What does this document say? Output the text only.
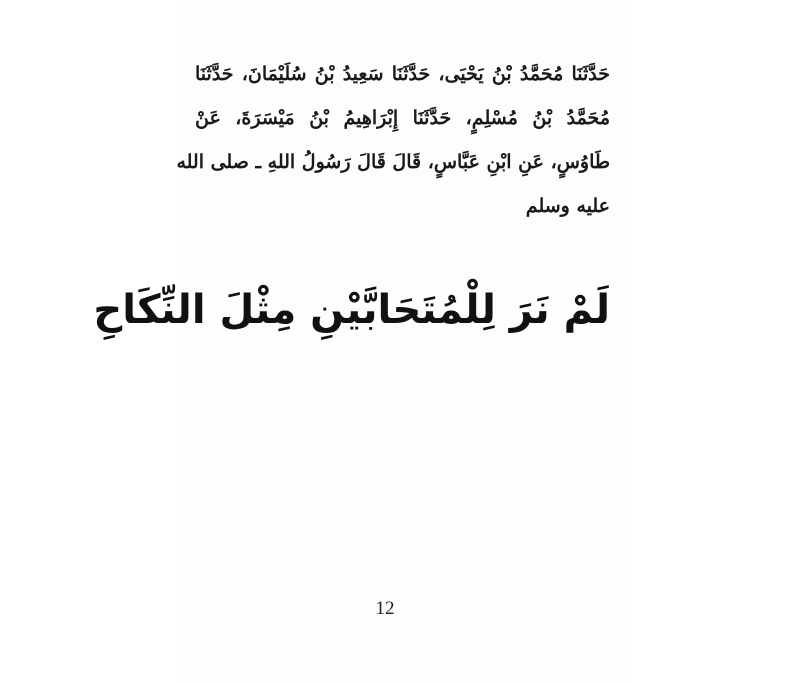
حَدَّثَنَا مُحَمَّدُ بْنُ يَحْيَى، حَدَّثَنَا سَعِيدُ بْنُ سُلَيْمَانَ، حَدَّثَنَا
مُحَمَّدُ بْنُ مُسْلِمٍ، حَدَّثَنَا إِبْرَاهِيمُ بْنُ مَيْسَرَةَ، عَنْ
طَاوُسٍ، عَنِ ابْنِ عَبَّاسٍ، قَالَ قَالَ رَسُولُ اللهِ ـ صلى الله
عليه وسلم
لَمْ نَرَ لِلْمُتَحَابَّيْنِ مِثْلَ النِّكَاحِ
12
